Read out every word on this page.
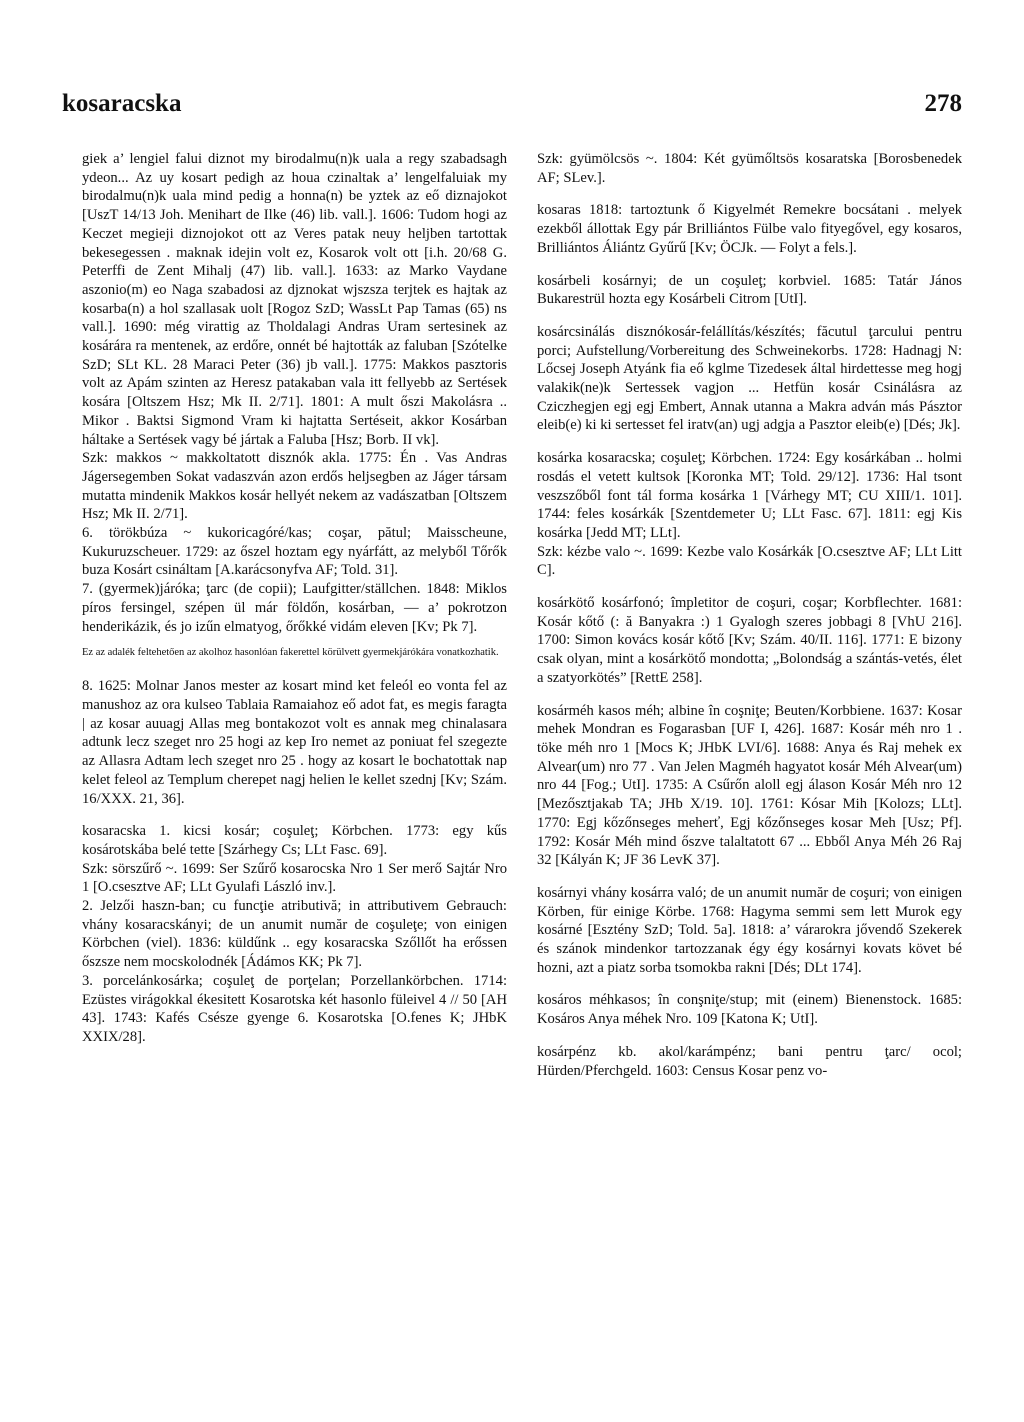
kosaracska	278

giek a’ lengiel falui diznot my birodalmu(n)k uala a regy szabadsagh ydeon... Az uy kosart pedigh az houa czinaltak a’ lengelfaluiak my birodalmu(n)k uala mind pedig a honna(n) be yztek az eő diznajokot [UszT 14/13 Joh. Menihart de Ilke (46) lib. vall.]. 1606: Tudom hogi az Keczet megieji diznojokot ott az Veres patak neuy heljben tartottak bekesegessen . maknak idejin volt ez, Kosarok volt ott [i.h. 20/68 G. Peterffi de Zent Mihalj (47) lib. vall.]. 1633: az Marko Vaydane aszonio(m) eo Naga szabadosi az djznokat wjszsza terjtek es hajtak az kosarba(n) a hol szallasak uolt [Rogoz SzD; WassLt Pap Tamas (65) ns vall.]. 1690: még virattig az Tholdalagi Andras Uram sertesinek az kosárára ra mentenek, az erdőre, onnét bé hajtották az faluban [Szótelke SzD; SLt KL. 28 Maraci Peter (36) jb vall.]. 1775: Makkos pasztoris volt az Apám szinten az Heresz patakaban vala itt fellyebb az Sertések kosára [Oltszem Hsz; Mk II. 2/71]. 1801: A mult őszi Makolásra .. Mikor . Baktsi Sigmond Vram ki hajtatta Sertéseit, akkor Kosárban háltake a Sertések vagy bé jártak a Faluba [Hsz; Borb. II vk].

Szk: makkos ~ makkoltatott disznók akla. 1775: Én . Vas Andras Jágersegemben Sokat vadaszván azon erdős heljsegben az Jáger társam mutatta mindenik Makkos kosár hellyét nekem az vadászatban [Oltszem Hsz; Mk II. 2/71].

6. törökbúza ~ kukoricagóré/kas; coşar, pătul; Maisscheune, Kukuruzscheuer. 1729: az őszel hoztam egy nyárfátt, az melyből Tőrők buza Kosárt csináltam [A.karácsonyfva AF; Told. 31].

7. (gyermek)járóka; ţarc (de copii); Laufgitter/ställchen. 1848: Miklos píros fersingel, szépen ül már földőn, kosárban, — a’ pokrotzon henderikázik, és jo izűn elmatyog, őrőkké vidám eleven [Kv; Pk 7].

Ez az adalék feltehetően az akolhoz hasonlóan fakerettel körülvett gyermekjárókára vonatkozhatik.

8. 1625: Molnar Janos mester az kosart mind ket feleól eo vonta fel az manushoz az ora kulseo Tablaia Ramaiahoz eő adot fat, es megis faragta | az kosar auuagj Allas meg bontakozot volt es annak meg chinalasara adtunk lecz szeget nro 25 hogi az kep Iro nemet az poniuat fel szegezte az Allasra Adtam lech szeget nro 25 . hogy az kosart le bochatottak nap kelet feleol az Templum cherepet nagj helien le kellet szednj [Kv; Szám. 16/XXX. 21, 36].

kosaracska 1. kicsi kosár; coşuleţ; Körbchen. 1773: egy kűs kosárotskába belé tette [Szárhegy Cs; LLt Fasc. 69].

Szk: sörszűrő ~. 1699: Ser Szűrő kosarocska Nro 1 Ser merő Sajtár Nro 1 [O.csesztve AF; LLt Gyulafi László inv.].

2. Jelzői haszn-ban; cu funcţie atributivă; in attributivem Gebrauch: vhány kosaracskányi; de un anumit număr de coşuleţe; von einigen Körbchen (viel). 1836: küldűnk .. egy kosaracska Szőllőt ha erőssen őszsze nem mocskolodnék [Ádámos KK; Pk 7].

3. porcelánkosárka; coşuleţ de porţelan; Porzellankörbchen. 1714: Ezüstes virágokkal ékesitett Kosarotska két hasonlo füleivel 4 // 50 [AH 43]. 1743: Kafés Csésze gyenge 6. Kosarotska [O.fenes K; JHbK XXIX/28].

Szk: gyümölcsös ~. 1804: Két gyümőltsös kosaratska [Borosbenedek AF; SLev.].

kosaras 1818: tartoztunk ő Kigyelmét Remekre bocsátani . melyek ezekből állottak Egy pár Brilliántos Fülbe valo fityegővel, egy kosaros, Brilliántos Áliántz Gyűrű [Kv; ÖCJk. — Folyt a fels.].

kosárbeli kosárnyi; de un coşuleţ; korbviel. 1685: Tatár János Bukarestrül hozta egy Kosárbeli Citrom [UtI].

kosárcsinálás disznókosár-felállítás/készítés; făcutul ţarcului pentru porci; Aufstellung/Vorbereitung des Schweinekorbs. 1728: Hadnagj N: Lőcsej Joseph Atyánk fia eő kglme Tizedesek által hirdettesse meg hogj valakik(ne)k Sertessek vagjon ... Hetfün kosár Csinálásra az Cziczhegjen egj egj Embert, Annak utanna a Makra adván más Pásztor eleib(e) ki ki sertesset fel iratv(an) ugj adgja a Pasztor eleib(e) [Dés; Jk].

kosárka kosaracska; coşuleţ; Körbchen. 1724: Egy kosárkában .. holmi rosdás el vetett kultsok [Koronka MT; Told. 29/12]. 1736: Hal tsont veszszőből font tál forma kosárka 1 [Várhegy MT; CU XIII/1. 101]. 1744: feles kosárkák [Szentdemeter U; LLt Fasc. 67]. 1811: egj Kis kosárka [Jedd MT; LLt].

Szk: kézbe valo ~. 1699: Kezbe valo Kosárkák [O.csesztve AF; LLt Litt C].

kosárkötő kosárfonó; împletitor de coşuri, coşar; Korbflechter. 1681: Kosár kőtő (: ă Banyakra :) 1 Gyalogh szeres jobbagi 8 [VhU 216]. 1700: Simon kovács kosár kőtő [Kv; Szám. 40/II. 116]. 1771: E bizony csak olyan, mint a kosárkötő mondotta; „Bolondság a szántás-vetés, élet a szatyorkötés” [RettE 258].

kosárméh kasos méh; albine în coşniţe; Beuten/Korbbiene. 1637: Kosar mehek Mondran es Fogarasban [UF I, 426]. 1687: Kosár méh nro 1 . töke méh nro 1 [Mocs K; JHbK LVI/6]. 1688: Anya és Raj mehek ex Alvear(um) nro 77 . Van Jelen Magméh hagyatot kosár Méh Alvear(um) nro 44 [Fog.; UtI]. 1735: A Csűrőn aloll egj álason Kosár Méh nro 12 [Mezősztjakab TA; JHb X/19. 10]. 1761: Kósar Mih [Kolozs; LLt]. 1770: Egj kőzőnseges meherť, Egj kőzőnseges kosar Meh [Usz; Pf]. 1792: Kosár Méh mind őszve talaltatott 67 ... Ebből Anya Méh 26 Raj 32 [Kályán K; JF 36 LevK 37].

kosárnyi vhány kosárra való; de un anumit număr de coşuri; von einigen Körben, für einige Körbe. 1768: Hagyma semmi sem lett Murok egy kosárné [Esztény SzD; Told. 5a]. 1818: a’ várarokra jővendő Szekerek és szánok mindenkor tartozzanak égy égy kosárnyi kovats követ bé hozni, azt a piatz sorba tsomokba rakni [Dés; DLt 174].

kosáros méhkasos; în conşniţe/stup; mit (einem) Bienenstock. 1685: Kosáros Anya méhek Nro. 109 [Katona K; UtI].

kosárpénz kb. akol/karámpénz; bani pentru ţarc/ ocol; Hürden/Pferchgeld. 1603: Census Kosar penz vo-
